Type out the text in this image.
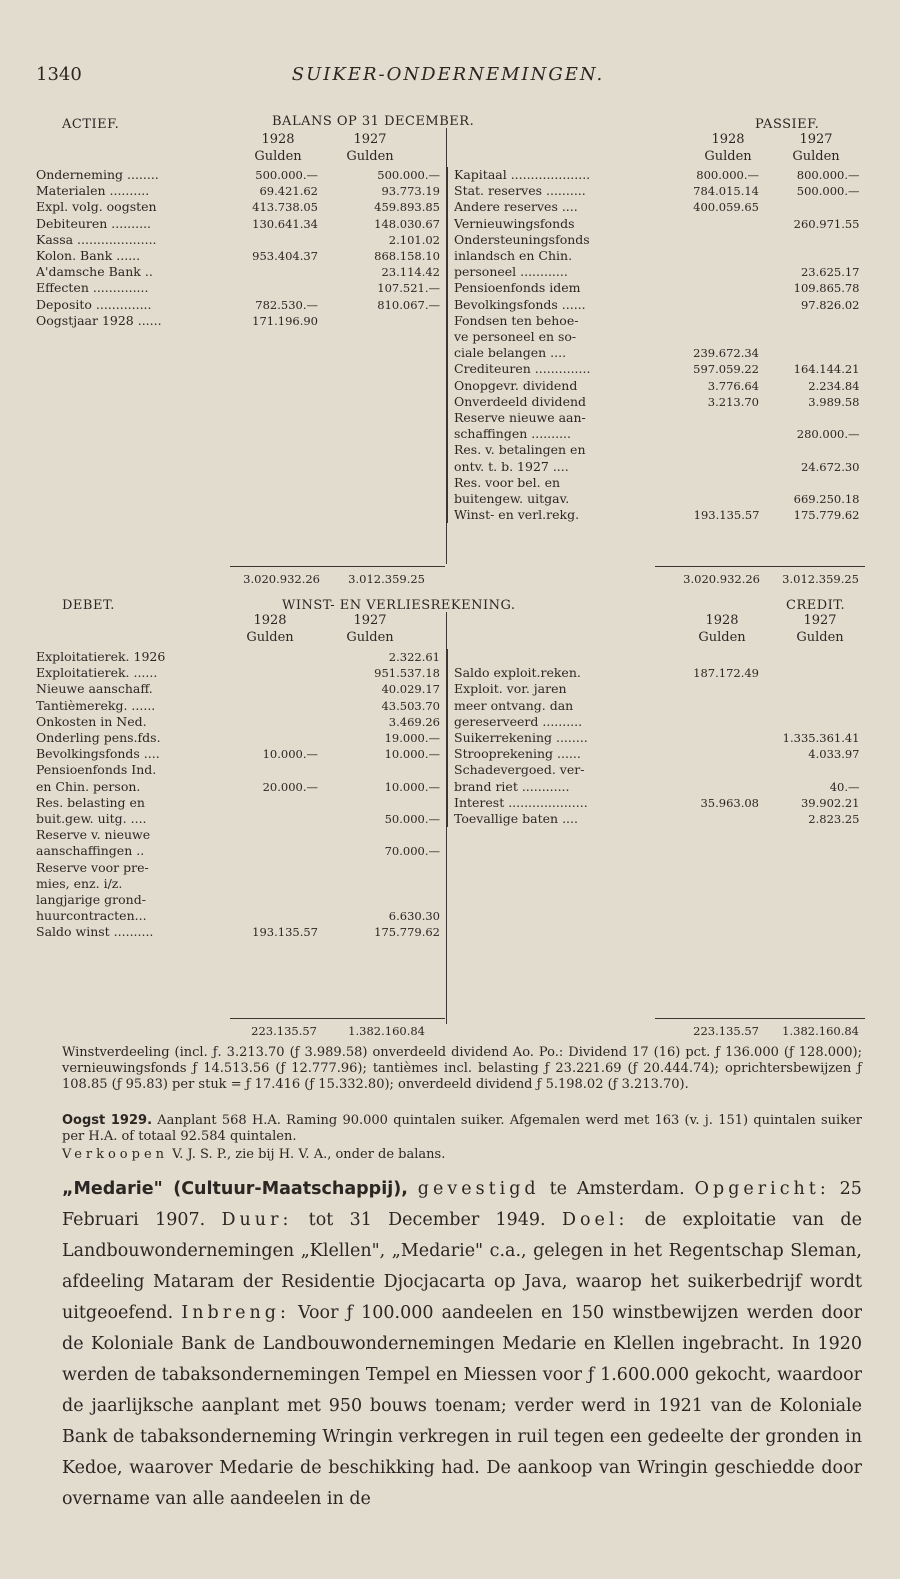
1340	SUIKER-ONDERNEMINGEN.
ACTIEF.	BALANS OP 31 DECEMBER.	PASSIEF.
1928	1927
Gulden	Gulden
1928	1927
Gulden	Gulden
Onderneming ........	500.000.—	500.000.—
Materialen ..........	69.421.62	93.773.19
Expl. volg. oogsten	413.738.05	459.893.85
Debiteuren ..........	130.641.34	148.030.67
Kassa ....................		2.101.02
Kolon. Bank ......	953.404.37	868.158.10
A'damsche Bank ..		23.114.42
Effecten ..............		107.521.—
Deposito ..............	782.530.—	810.067.—
Oogstjaar 1928 ......	171.196.90	
Kapitaal ....................	800.000.—	800.000.—
Stat. reserves ..........	784.015.14	500.000.—
Andere reserves ....	400.059.65	
Vernieuwingsfonds		260.971.55
Ondersteuningsfonds		
inlandsch en Chin.		
personeel ............		23.625.17
Pensioenfonds idem		109.865.78
Bevolkingsfonds ......		97.826.02
Fondsen ten behoe-		
ve personeel en so-		
ciale belangen ....	239.672.34	
Crediteuren ..............	597.059.22	164.144.21
Onopgevr. dividend	3.776.64	2.234.84
Onverdeeld dividend	3.213.70	3.989.58
Reserve nieuwe aan-		
schaffingen ..........		280.000.—
Res. v. betalingen en		
ontv. t. b. 1927 ....		24.672.30
Res. voor bel. en		
buitengew. uitgav.		669.250.18
Winst- en verl.rekg.	193.135.57	175.779.62
3.020.932.26	3.012.359.25	3.020.932.26	3.012.359.25
DEBET.	WINST- EN VERLIESREKENING.	CREDIT.
1928	1927
Gulden	Gulden
1928	1927
Gulden	Gulden
Exploitatierek. 1926		2.322.61
Exploitatierek. ......		951.537.18
Nieuwe aanschaff.		40.029.17
Tantièmerekg. ......		43.503.70
Onkosten in Ned.		3.469.26
Onderling pens.fds.		19.000.—
Bevolkingsfonds ....	10.000.—	10.000.—
Pensioenfonds Ind.		
en Chin. person.	20.000.—	10.000.—
Res. belasting en		
buit.gew. uitg. ....		50.000.—
Reserve v. nieuwe		
aanschaffingen ..		70.000.—
Reserve voor pre-		
mies, enz. i/z.		
langjarige grond-		
huurcontracten...		6.630.30
Saldo winst ..........	193.135.57	175.779.62

Saldo exploit.reken.	187.172.49	
Exploit. vor. jaren		
meer ontvang. dan		
gereserveerd ..........		
Suikerrekening ........		1.335.361.41
Strooprekening ......		4.033.97
Schadevergoed. ver-		
brand riet ............		40.—
Interest ....................	35.963.08	39.902.21
Toevallige baten ....		2.823.25
223.135.57	1.382.160.84	223.135.57	1.382.160.84

Winstverdeeling (incl. ƒ. 3.213.70 (ƒ 3.989.58) onverdeeld dividend Ao. Po.: Dividend 17 (16) pct. ƒ 136.000 (ƒ 128.000); vernieuwingsfonds ƒ 14.513.56 (ƒ 12.777.96); tantièmes incl. belasting ƒ 23.221.69 (ƒ 20.444.74); oprichtersbewijzen ƒ 108.85 (ƒ 95.83) per stuk = ƒ 17.416 (ƒ 15.332.80); onverdeeld dividend ƒ 5.198.02 (ƒ 3.213.70).

Oogst 1929. Aanplant 568 H.A. Raming 90.000 quintalen suiker. Afgemalen werd met 163 (v. j. 151) quintalen suiker per H.A. of totaal 92.584 quintalen.

Verkoopen V. J. S. P., zie bij H. V. A., onder de balans.

„Medarie" (Cultuur-Maatschappij), gevestigd te Amsterdam. Opgericht: 25 Februari 1907. Duur: tot 31 December 1949. Doel: de exploitatie van de Landbouwondernemingen „Klellen", „Medarie" c.a., gelegen in het Regentschap Sleman, afdeeling Mataram der Residentie Djocjacarta op Java, waarop het suikerbedrijf wordt uitgeoefend. Inbreng: Voor ƒ 100.000 aandeelen en 150 winstbewijzen werden door de Koloniale Bank de Landbouwondernemingen Medarie en Klellen ingebracht. In 1920 werden de tabaksondernemingen Tempel en Miessen voor ƒ 1.600.000 gekocht, waardoor de jaarlijksche aanplant met 950 bouws toenam; verder werd in 1921 van de Koloniale Bank de tabaksonderneming Wringin verkregen in ruil tegen een gedeelte der gronden in Kedoe, waarover Medarie de beschikking had. De aankoop van Wringin geschiedde door overname van alle aandeelen in de
